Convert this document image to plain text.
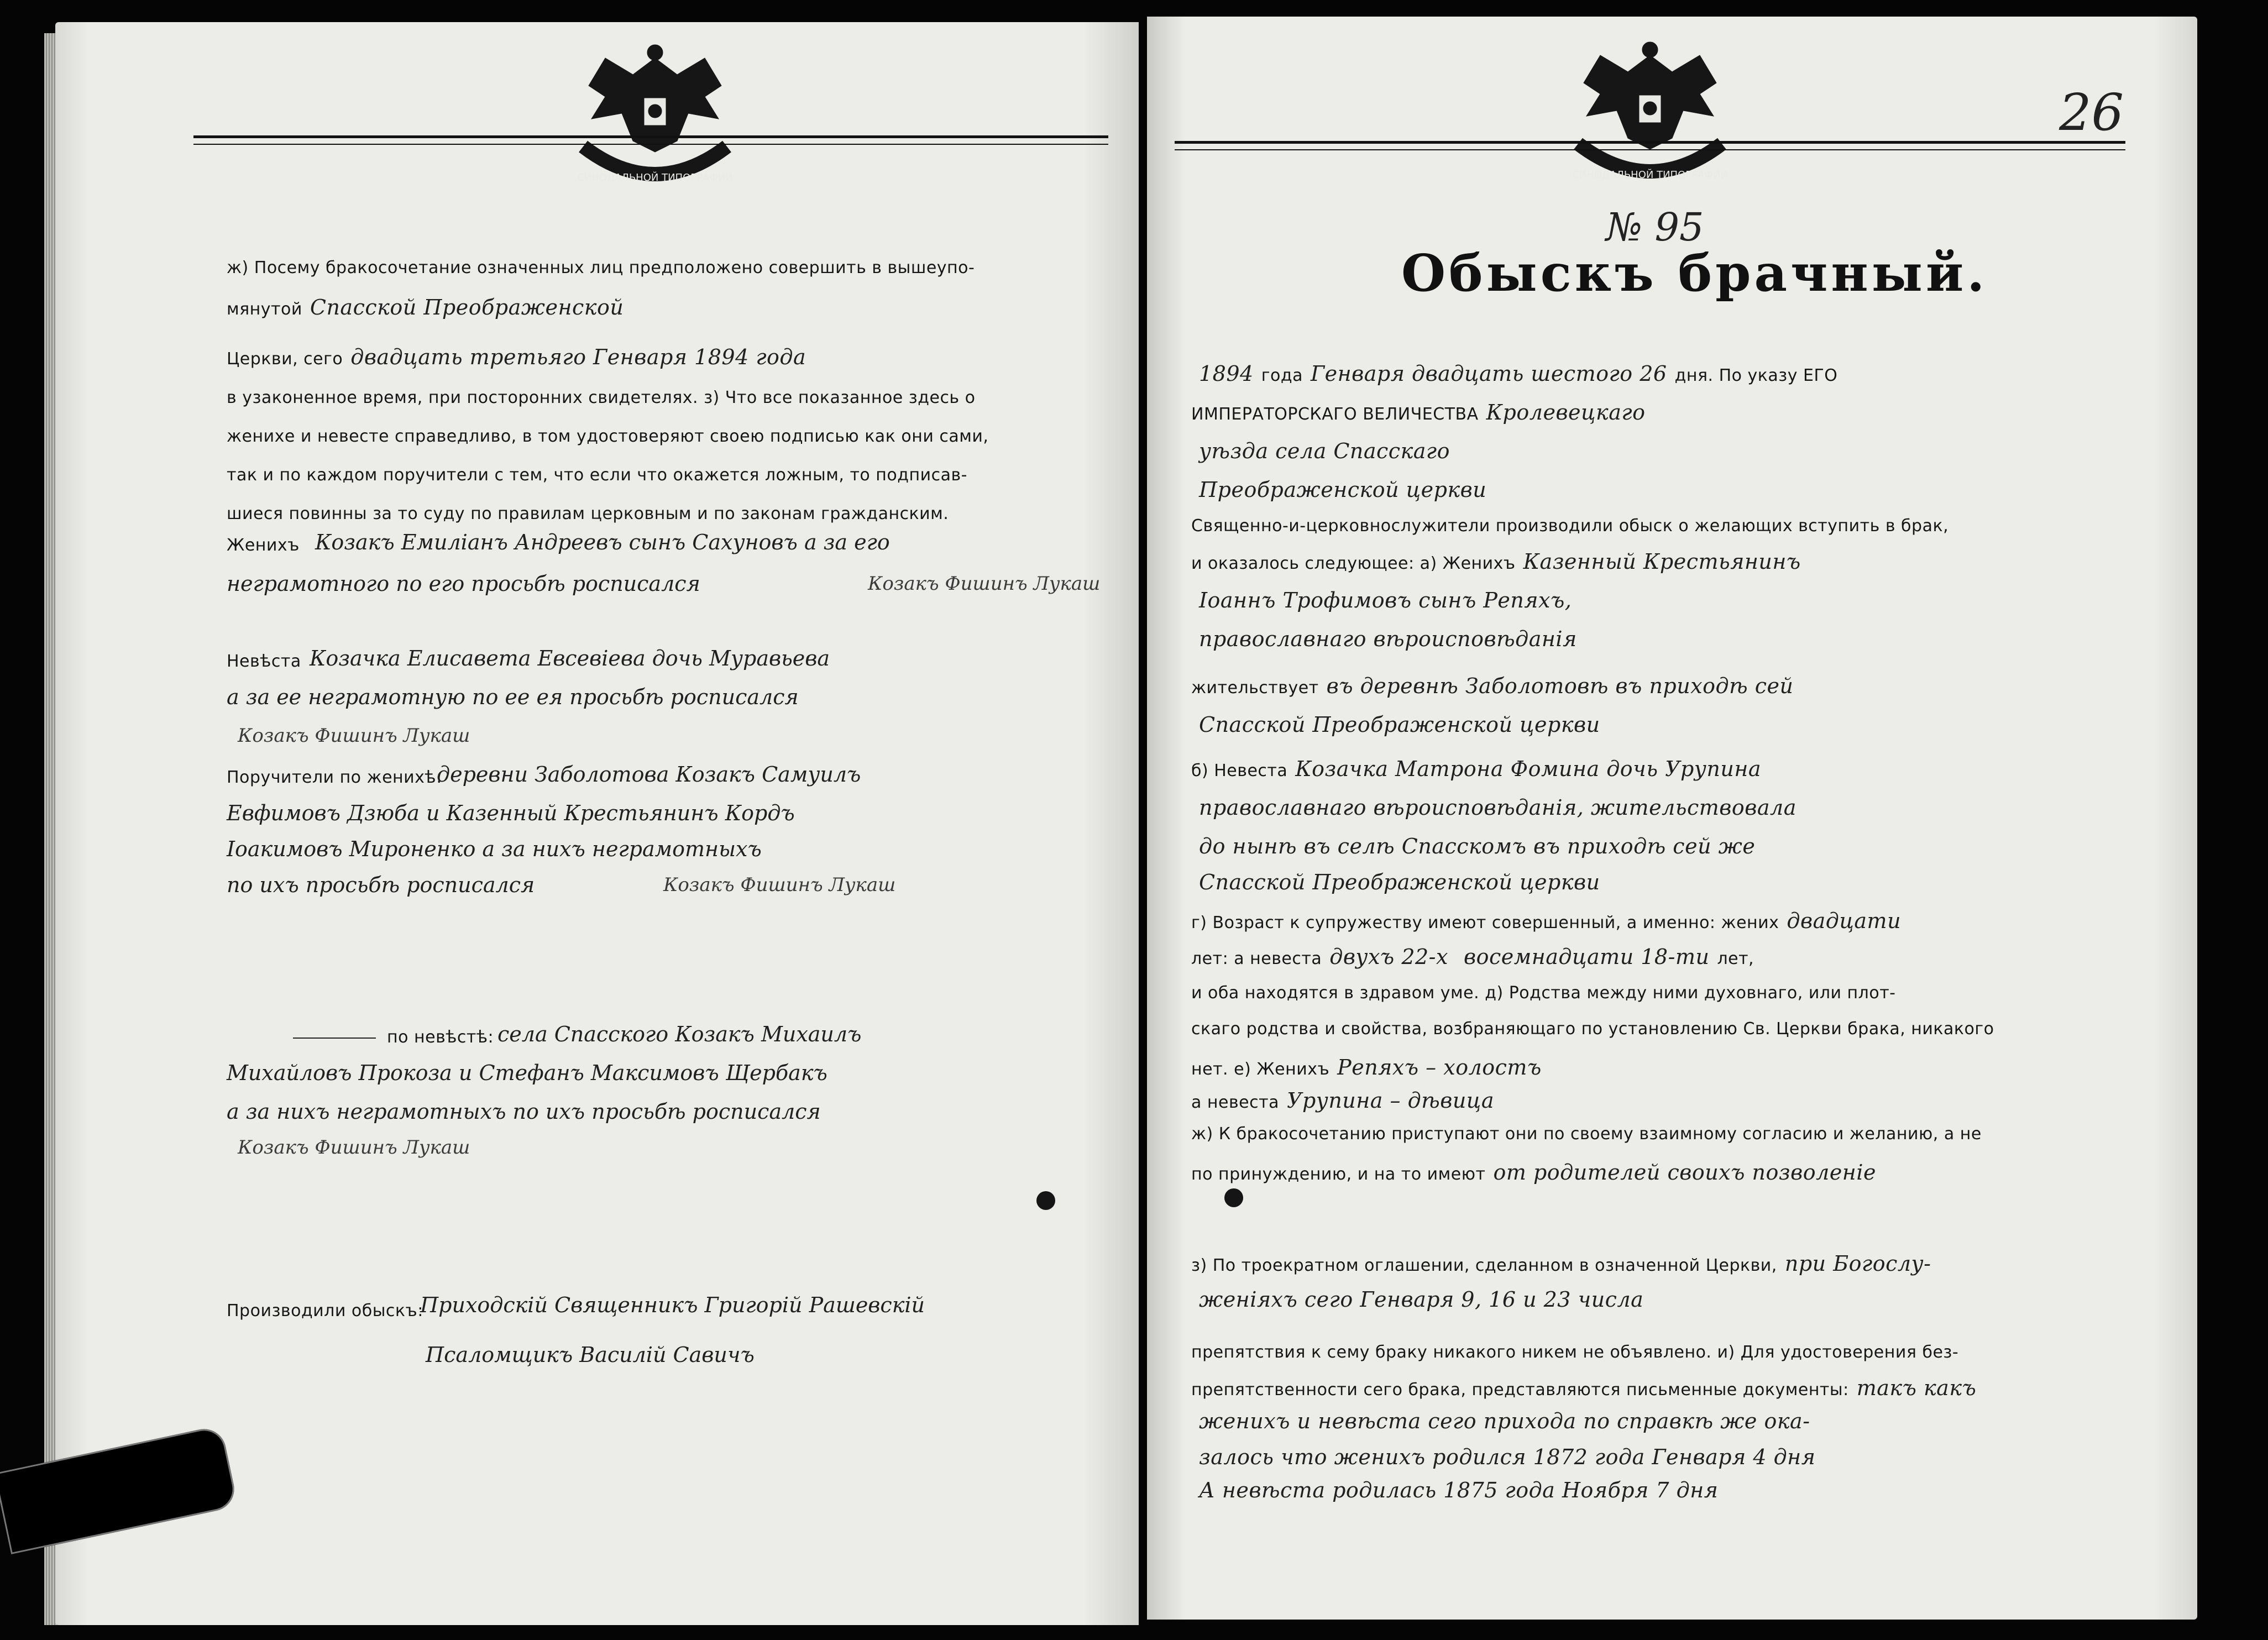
СИНОДАЛЬНОЙ ТИПОГРАФИИ
ж) Посему бракосочетание означенных лиц предположено совершить в вышеупо-
мянутой Спасской Преображенской
Церкви, сего двадцать третьяго Генваря 1894 года
в узаконенное время, при посторонних свидетелях. з) Что все показанное здесь о
женихе и невесте справедливо, в том удостоверяют своею подписью как они сами,
так и по каждом поручители с тем, что если что окажется ложным, то подписав-
шиеся повинны за то суду по правилам церковным и по законам гражданским.
Женихъ Козакъ Емиліанъ Андреевъ сынъ Сахуновъ а за его
неграмотного по его просьбѣ росписался	Козакъ Фишинъ Лукаш
Невѣста Козачка Елисавета Евсевіева дочь Муравьева
а за ее неграмотную по ее ея просьбѣ росписался
Козакъ Фишинъ Лукаш
Поручители по женихѣ:
деревни Заболотова Козакъ Самуилъ
Евфимовъ Дзюба и Казенный Крестьянинъ Кордъ
Іоакимовъ Мироненко а за нихъ неграмотныхъ
по ихъ просьбѣ росписался	Козакъ Фишинъ Лукаш
по невѣстѣ: села Спасского Козакъ Михаилъ
Михайловъ Прокоза и Стефанъ Максимовъ Щербакъ
а за нихъ неграмотныхъ по ихъ просьбѣ росписался
Козакъ Фишинъ Лукаш
Производили обыскъ:
Приходскій Священникъ Григорій Рашевскій
Псаломщикъ Василій Савичъ
СИНОДАЛЬНОЙ ТИПОГРАФИИ
26
№ 95
Обыскъ брачный.
1894 года Генваря двадцать шестого 26 дня. По указу ЕГО
ИМПЕРАТОРСКАГО ВЕЛИЧЕСТВА Кролевецкаго
уѣзда села Спасскаго
Преображенской церкви
Священно-и-церковнослужители производили обыск о желающих вступить в брак,
и оказалось следующее: а) Женихъ Казенный Крестьянинъ
Іоаннъ Трофимовъ сынъ Репяхъ,
православнаго вѣроисповѣданія
жительствует въ деревнѣ Заболотовѣ въ приходѣ сей
Спасской Преображенской церкви
б) Невеста Козачка Матрона Фомина дочь Урупина
православнаго вѣроисповѣданія, жительствовала
до нынѣ въ селѣ Спасскомъ въ приходѣ сей же
Спасской Преображенской церкви
г) Возраст к супружеству имеют совершенный, а именно: жених двадцати
лет: а невеста двухъ 22-х восемнадцати 18-ти лет,
и оба находятся в здравом уме. д) Родства между ними духовнаго, или плот-
скаго родства и свойства, возбраняющаго по установлению Св. Церкви брака, никакого
нет. е) Женихъ Репяхъ – холостъ
а невеста Урупина – дѣвица
ж) К бракосочетанию приступают они по своему взаимному согласию и желанию, а не
по принуждению, и на то имеют от родителей своихъ позволеніе
з) По троекратном оглашении, сделанном в означенной Церкви, при Богослу-
женіяхъ сего Генваря 9, 16 и 23 числа
препятствия к сему браку никакого никем не объявлено. и) Для удостоверения без-
препятственности сего брака, представляются письменные документы: такъ какъ
женихъ и невѣста сего прихода по справкѣ же ока-
залось что женихъ родился 1872 года Генваря 4 дня
А невѣста родилась 1875 года Ноября 7 дня
